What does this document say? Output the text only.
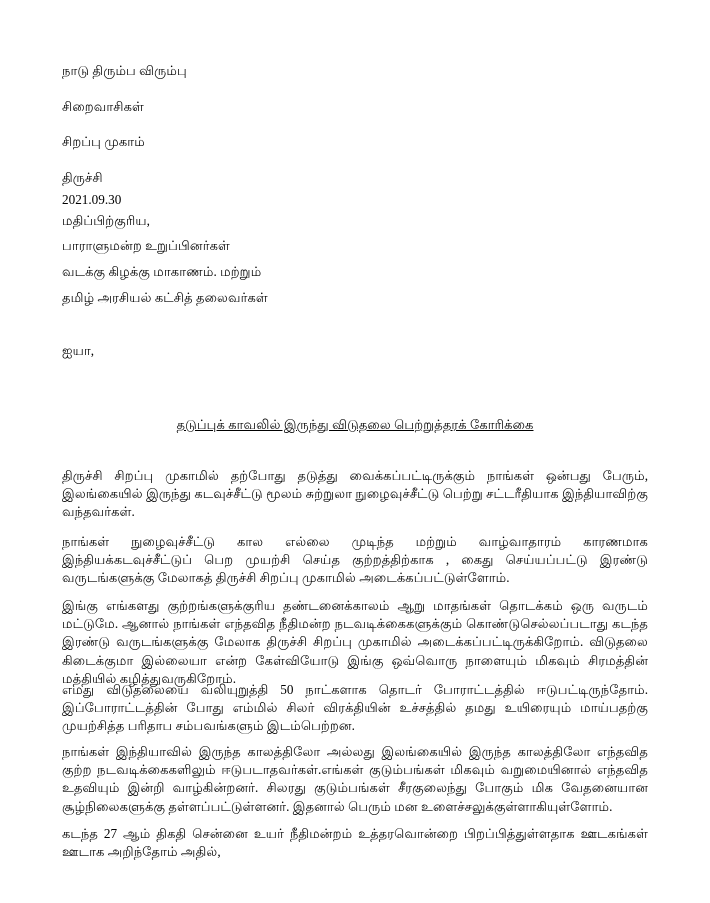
நாடு திரும்ப விரும்பு
சிறைவாசிகள்
சிறப்பு முகாம்
திருச்சி
2021.09.30
மதிப்பிற்குரிய,
பாராளுமன்ற உறுப்பினர்கள்
வடக்கு கிழக்கு மாகாணம். மற்றும்
தமிழ் அரசியல் கட்சித் தலைவர்கள்
ஐயா,
தடுப்புக் காவலில் இருந்து விடுதலை பெற்றுத்தரக் கோரிக்கை
திருச்சி சிறப்பு முகாமில் தற்போது தடுத்து வைக்கப்பட்டிருக்கும் நாங்கள் ஒன்பது பேரும், இலங்கையில் இருந்து கடவுச்சீட்டு மூலம் சுற்றுலா நுழைவுச்சீட்டு பெற்று சட்டரீதியாக இந்தியாவிற்கு வந்தவர்கள்.
நாங்கள் நுழைவுச்சீட்டு கால எல்லை முடிந்த மற்றும் வாழ்வாதாரம் காரணமாக இந்தியக்கடவுச்சீட்டுப் பெற முயற்சி செய்த குற்றத்திற்காக , கைது செய்யப்பட்டு இரண்டு வருடங்களுக்கு மேலாகத் திருச்சி சிறப்பு முகாமில் அடைக்கப்பட்டுள்ளோம்.
இங்கு எங்களது குற்றங்களுக்குரிய தண்டனைக்காலம் ஆறு மாதங்கள் தொடக்கம் ஒரு வருடம் மட்டுமே. ஆனால் நாங்கள் எந்தவித நீதிமன்ற நடவடிக்கைகளுக்கும் கொண்டுசெல்லப்படாது கடந்த இரண்டு வருடங்களுக்கு மேலாக திருச்சி சிறப்பு முகாமில் அடைக்கப்பட்டிருக்கிறோம். விடுதலை கிடைக்குமா இல்லையா என்ற கேள்வியோடு இங்கு ஒவ்வொரு நாளையும் மிகவும் சிரமத்தின் மத்தியில் கழித்துவருகிறோம்.
எமது விடுதலையை வலியுறுத்தி 50 நாட்களாக தொடர் போராட்டத்தில் ஈடுபட்டிருந்தோம். இப்போராட்டத்தின் போது எம்மில் சிலர் விரக்தியின் உச்சத்தில் தமது உயிரையும் மாய்பதற்கு முயற்சித்த பரிதாப சம்பவங்களும் இடம்பெற்றன.
நாங்கள் இந்தியாவில் இருந்த காலத்திலோ அல்லது இலங்கையில் இருந்த காலத்திலோ எந்தவித குற்ற நடவடிக்கைகளிலும் ஈடுபடாதவர்கள்.எங்கள் குடும்பங்கள் மிகவும் வறுமையினால் எந்தவித உதவியும் இன்றி வாழ்கின்றனர். சிலரது குடும்பங்கள் சீரகுலைந்து போகும் மிக வேதனையான சூழ்நிலைகளுக்கு தள்ளப்பட்டுள்ளனர். இதனால் பெரும் மன உளைச்சலுக்குள்ளாகியுள்ளோம்.
கடந்த 27 ஆம் திகதி சென்னை உயர் நீதிமன்றம் உத்தரவொன்றை பிறப்பித்துள்ளதாக ஊடகங்கள் ஊடாக அறிந்தோம் அதில்,
